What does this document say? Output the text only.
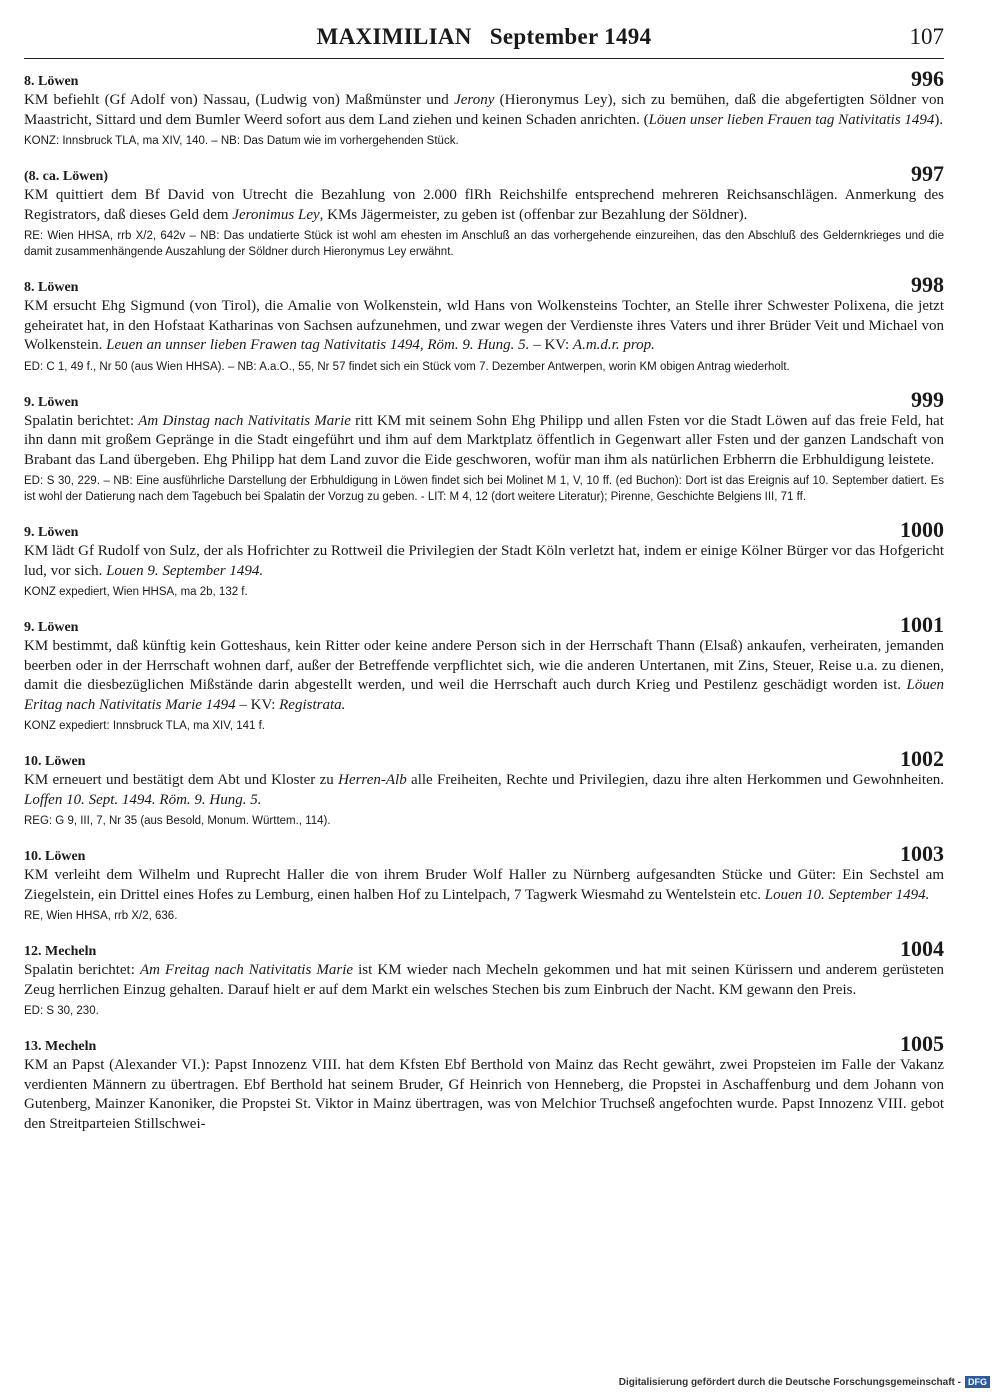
MAXIMILIAN   September 1494	107
8. Löwen	996

KM befiehlt (Gf Adolf von) Nassau, (Ludwig von) Maßmünster und Jerony (Hieronymus Ley), sich zu bemühen, daß die abgefertigten Söldner von Maastricht, Sittard und dem Bumler Weerd sofort aus dem Land ziehen und keinen Schaden anrichten. (Löuen unser lieben Frauen tag Nativitatis 1494).

KONZ: Innsbruck TLA, ma XIV, 140. – NB: Das Datum wie im vorhergehenden Stück.

(8. ca. Löwen)	997

KM quittiert dem Bf David von Utrecht die Bezahlung von 2.000 flRh Reichshilfe entsprechend mehreren Reichsanschlägen. Anmerkung des Registrators, daß dieses Geld dem Jeronimus Ley, KMs Jägermeister, zu geben ist (offenbar zur Bezahlung der Söldner).

RE: Wien HHSA, rrb X/2, 642v – NB: Das undatierte Stück ist wohl am ehesten im Anschluß an das vorhergehende einzureihen, das den Abschluß des Geldernkrieges und die damit zusammenhängende Auszahlung der Söldner durch Hieronymus Ley erwähnt.

8. Löwen	998

KM ersucht Ehg Sigmund (von Tirol), die Amalie von Wolkenstein, wld Hans von Wolkensteins Tochter, an Stelle ihrer Schwester Polixena, die jetzt geheiratet hat, in den Hofstaat Katharinas von Sachsen aufzunehmen, und zwar wegen der Verdienste ihres Vaters und ihrer Brüder Veit und Michael von Wolkenstein. Leuen an unnser lieben Frawen tag Nativitatis 1494, Röm. 9. Hung. 5. – KV: A.m.d.r. prop.

ED: C 1, 49 f., Nr 50 (aus Wien HHSA). – NB: A.a.O., 55, Nr 57 findet sich ein Stück vom 7. Dezember Antwerpen, worin KM obigen Antrag wiederholt.

9. Löwen	999

Spalatin berichtet: Am Dinstag nach Nativitatis Marie ritt KM mit seinem Sohn Ehg Philipp und allen Fsten vor die Stadt Löwen auf das freie Feld, hat ihn dann mit großem Gepränge in die Stadt eingeführt und ihm auf dem Marktplatz öffentlich in Gegenwart aller Fsten und der ganzen Landschaft von Brabant das Land übergeben. Ehg Philipp hat dem Land zuvor die Eide geschworen, wofür man ihm als natürlichen Erbherrn die Erbhuldigung leistete.

ED: S 30, 229. – NB: Eine ausführliche Darstellung der Erbhuldigung in Löwen findet sich bei Molinet M 1, V, 10 ff. (ed Buchon): Dort ist das Ereignis auf 10. September datiert. Es ist wohl der Datierung nach dem Tagebuch bei Spalatin der Vorzug zu geben. - LIT: M 4, 12 (dort weitere Literatur); Pirenne, Geschichte Belgiens III, 71 ff.

9. Löwen	1000

KM lädt Gf Rudolf von Sulz, der als Hofrichter zu Rottweil die Privilegien der Stadt Köln verletzt hat, indem er einige Kölner Bürger vor das Hofgericht lud, vor sich. Louen 9. September 1494.

KONZ expediert, Wien HHSA, ma 2b, 132 f.

9. Löwen	1001

KM bestimmt, daß künftig kein Gotteshaus, kein Ritter oder keine andere Person sich in der Herrschaft Thann (Elsaß) ankaufen, verheiraten, jemanden beerben oder in der Herrschaft wohnen darf, außer der Betreffende verpflichtet sich, wie die anderen Untertanen, mit Zins, Steuer, Reise u.a. zu dienen, damit die diesbezüglichen Mißstände darin abgestellt werden, und weil die Herrschaft auch durch Krieg und Pestilenz geschädigt worden ist. Löuen Eritag nach Nativitatis Marie 1494 – KV: Registrata.

KONZ expediert: Innsbruck TLA, ma XIV, 141 f.

10. Löwen	1002

KM erneuert und bestätigt dem Abt und Kloster zu Herren-Alb alle Freiheiten, Rechte und Privilegien, dazu ihre alten Herkommen und Gewohnheiten. Loffen 10. Sept. 1494. Röm. 9. Hung. 5.

REG: G 9, III, 7, Nr 35 (aus Besold, Monum. Württem., 114).

10. Löwen	1003

KM verleiht dem Wilhelm und Ruprecht Haller die von ihrem Bruder Wolf Haller zu Nürnberg aufgesandten Stücke und Güter: Ein Sechstel am Ziegelstein, ein Drittel eines Hofes zu Lemburg, einen halben Hof zu Lintelpach, 7 Tagwerk Wiesmahd zu Wentelstein etc. Louen 10. September 1494.

RE, Wien HHSA, rrb X/2, 636.

12. Mecheln	1004

Spalatin berichtet: Am Freitag nach Nativitatis Marie ist KM wieder nach Mecheln gekommen und hat mit seinen Kürissern und anderem gerüsteten Zeug herrlichen Einzug gehalten. Darauf hielt er auf dem Markt ein welsches Stechen bis zum Einbruch der Nacht. KM gewann den Preis.

ED: S 30, 230.

13. Mecheln	1005

KM an Papst (Alexander VI.): Papst Innozenz VIII. hat dem Kfsten Ebf Berthold von Mainz das Recht gewährt, zwei Propsteien im Falle der Vakanz verdienten Männern zu übertragen. Ebf Berthold hat seinem Bruder, Gf Heinrich von Henneberg, die Propstei in Aschaffenburg und dem Johann von Gutenberg, Mainzer Kanoniker, die Propstei St. Viktor in Mainz übertragen, was von Melchior Truchseß angefochten wurde. Papst Innozenz VIII. gebot den Streitparteien Stillschwei-

Digitalisierung gefördert durch die Deutsche Forschungsgemeinschaft - DFG
